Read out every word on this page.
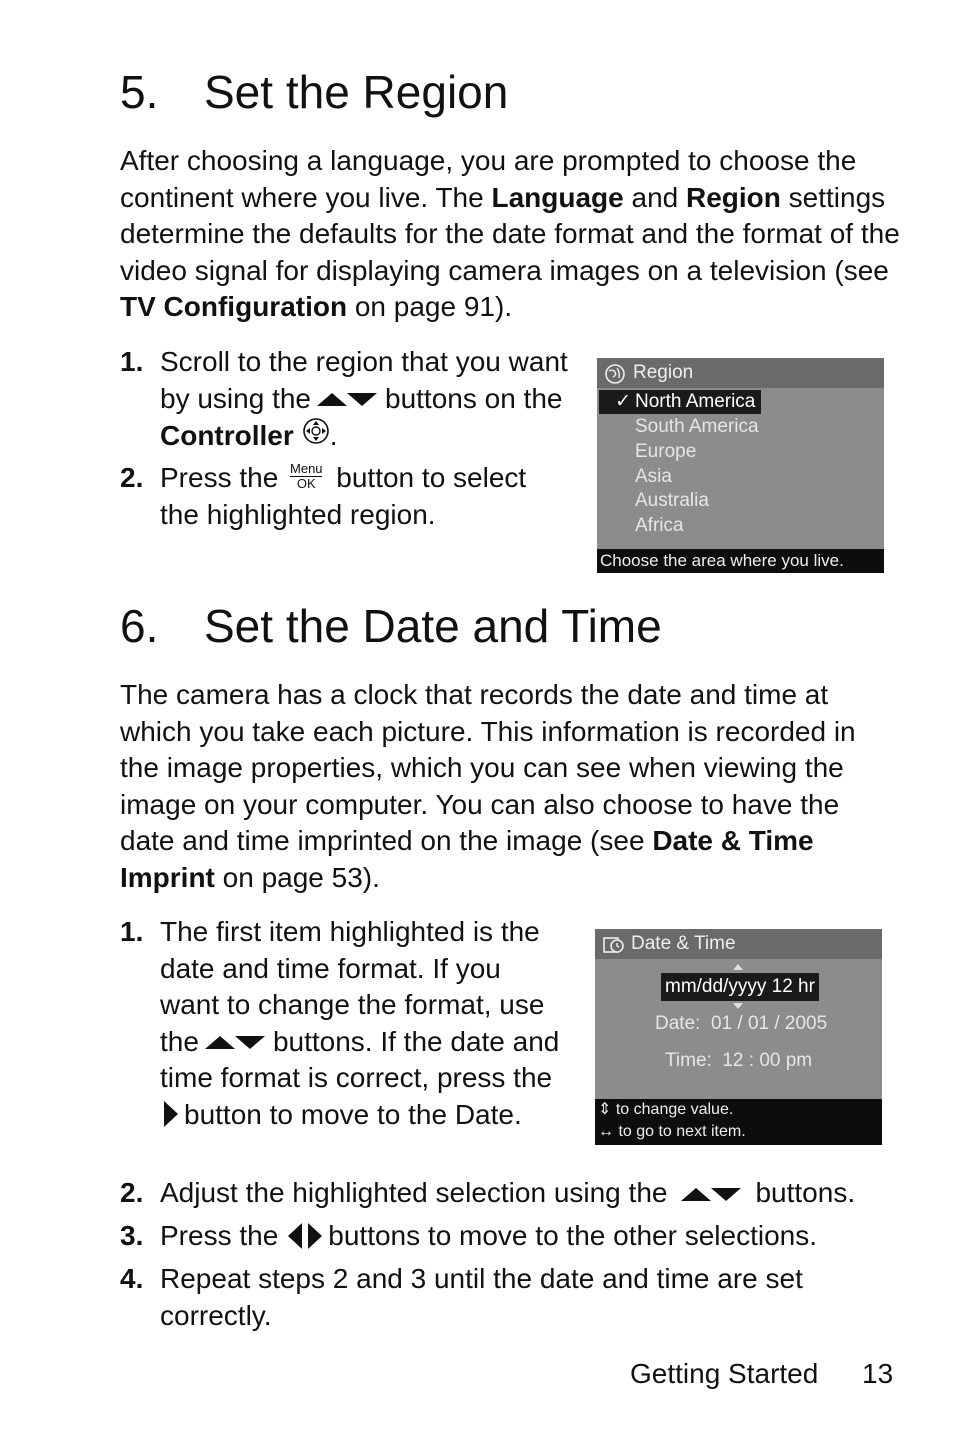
5. Set the Region
After choosing a language, you are prompted to choose the continent where you live. The Language and Region settings determine the defaults for the date format and the format of the video signal for displaying camera images on a television (see TV Configuration on page 91).
1. Scroll to the region that you want by using the	buttons on the Controller .
2. Press the Menu
OK button to select the highlighted region.
Region
✓ North America
South America
Europe
Asia
Australia
Africa
Choose the area where you live.
6. Set the Date and Time
The camera has a clock that records the date and time at which you take each picture. This information is recorded in the image properties, which you can see when viewing the image on your computer. You can also choose to have the date and time imprinted on the image (see Date & Time Imprint on page 53).
1. The first item highlighted is the date and time format. If you want to change the format, use the	buttons. If the date and time format is correct, press thebutton to move to the Date.
2. Adjust the highlighted selection using the	buttons.
3. Press the buttons to move to the other selections.
4. Repeat steps 2 and 3 until the date and time are set correctly.
Date & Time
mm/dd/yyyy 12 hr
Date: 01 / 01 / 2005
Time: 12 : 00 pm
⇕ to change value.
↔ to go to next item.
Getting Started 13
